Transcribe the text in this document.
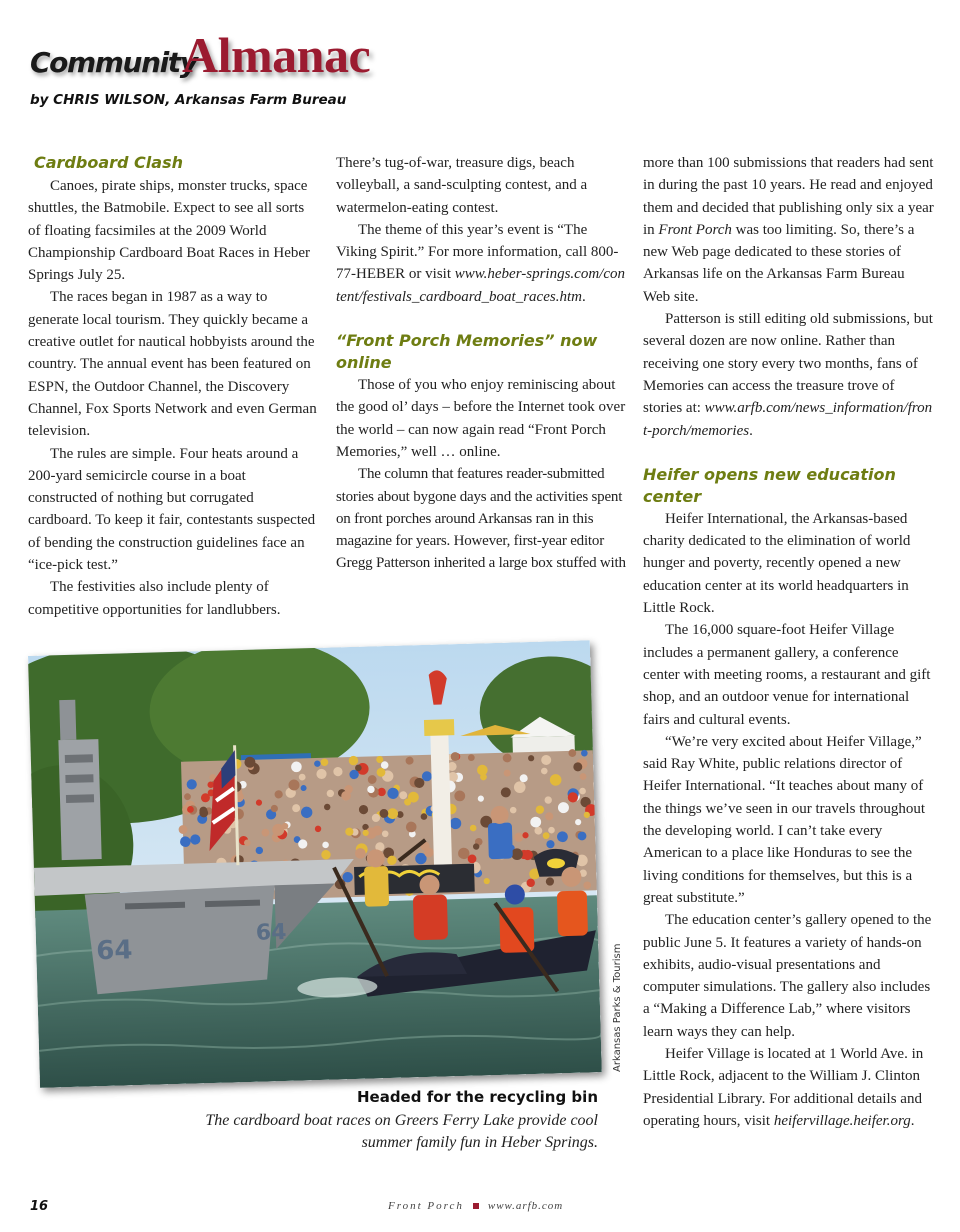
Community
Almanac
by CHRIS WILSON, Arkansas Farm Bureau
Cardboard Clash

Canoes, pirate ships, monster trucks, space shuttles, the Batmobile. Expect to see all sorts of floating facsimiles at the 2009 World Championship Cardboard Boat Races in Heber Springs July 25.

The races began in 1987 as a way to generate local tourism. They quickly became a creative outlet for nautical hobbyists around the country. The annual event has been featured on ESPN, the Outdoor Channel, the Discovery Channel, Fox Sports Network and even German television.

The rules are simple. Four heats around a 200-yard semicircle course in a boat constructed of nothing but corrugated cardboard. To keep it fair, contestants suspected of bending the construction guidelines face an “ice-pick test.”

The festivities also include plenty of competitive opportunities for landlubbers.

There’s tug-of-war, treasure digs, beach volleyball, a sand-sculpting contest, and a watermelon-eating contest.

The theme of this year’s event is “The Viking Spirit.” For more information, call 800-77-HEBER or visit www.heber-springs.com/content/festivals_cardboard_boat_races.htm.

“Front Porch Memories” now online

Those of you who enjoy reminiscing about the good ol’ days – before the Internet took over the world – can now again read “Front Porch Memories,” well … online.

The column that features reader-submitted stories about bygone days and the activities spent on front porches around Arkansas ran in this magazine for years. However, first-year editor Gregg Patterson inherited a large box stuffed with

more than 100 submissions that readers had sent in during the past 10 years. He read and enjoyed them and decided that publishing only six a year in Front Porch was too limiting. So, there’s a new Web page dedicated to these stories of Arkansas life on the Arkansas Farm Bureau Web site.

Patterson is still editing old submissions, but several dozen are now online. Rather than receiving one story every two months, fans of Memories can access the treasure trove of stories at: www.arfb.com/news_information/front-porch/memories.

Heifer opens new education center

Heifer International, the Arkansas-based charity dedicated to the elimination of world hunger and poverty, recently opened a new education center at its world headquarters in Little Rock.

The 16,000 square-foot Heifer Village includes a permanent gallery, a conference center with meeting rooms, a restaurant and gift shop, and an outdoor venue for international fairs and cultural events.

“We’re very excited about Heifer Village,” said Ray White, public relations director of Heifer International. “It teaches about many of the things we’ve seen in our travels throughout the developing world. I can’t take every American to a place like Honduras to see the living conditions for themselves, but this is a great substitute.”

The education center’s gallery opened to the public June 5. It features a variety of hands-on exhibits, audio-visual presentations and computer simulations. The gallery also includes a “Making a Difference Lab,” where visitors learn ways they can help.

Heifer Village is located at 1 World Ave. in Little Rock, adjacent to the William J. Clinton Presidential Library. For additional details and operating hours, visit heifervillage.heifer.org.

64
64
Arkansas Parks & Tourism
Headed for the recycling bin
The cardboard boat races on Greers Ferry Lake provide cool summer family fun in Heber Springs.
16	Front Porch www.arfb.com
